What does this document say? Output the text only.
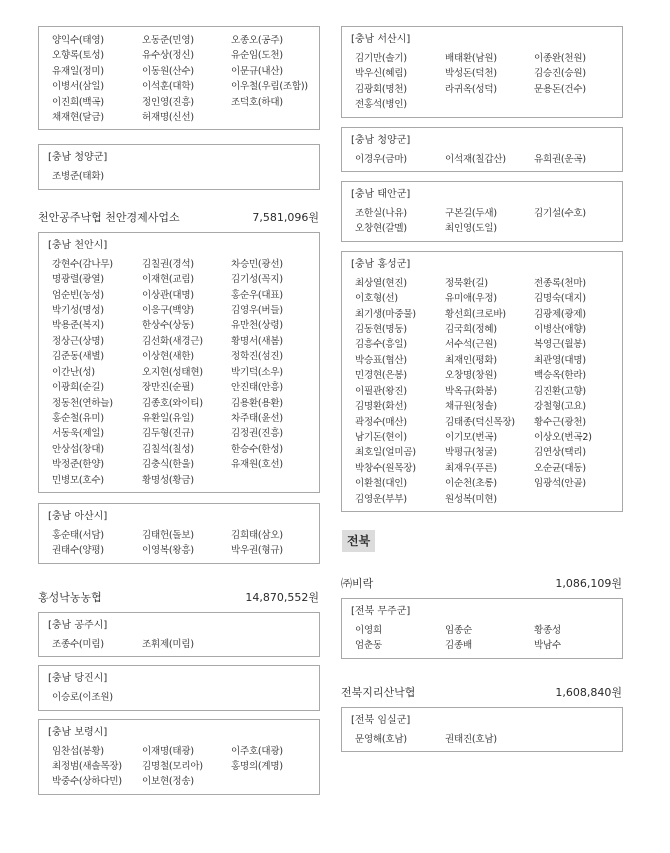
양익수(태영)	오동준(민영)	오종오(공주)
오향록(토성)	유수상(정신)	유순임(도천)
유재일(정미)	이동원(산수)	이문규(내산)
이병서(삼일)	이석훈(대학)	이우철(우림(조합))
이진희(백곡)	정인영(진흥)	조덕호(하대)
채재현(달금)	허재명(신선)
[충남 청양군]
조병준(태화)
천안공주낙협 천안경제사업소	7,581,096원
[충남 천안시]
강현수(감나무)	김칠권(경석)	차승민(광선)
명광렬(광열)	이재현(교림)	김기성(꼭지)
엄순빈(농성)	이상관(대명)	홍순우(대표)
박기성(명성)	이응구(백양)	김영우(버들)
박용준(복지)	한상수(상동)	유만천(상령)
정상근(상명)	김선화(새경근)	황명서(새봄)
김준동(새별)	이상현(새한)	정학진(섬진)
이간난(성)	오지현(성태현)	박기덕(소우)
이광희(순길)	장만진(순필)	안진태(안흥)
정동천(연하늘)	김종호(와이티)	김용환(용환)
홍순철(유미)	유환일(유일)	차주태(윤선)
서동욱(제일)	김두형(진규)	김정권(진흥)
안상섭(창대)	김칠석(칠성)	한승수(한성)
박정준(한양)	김충식(한울)	유재원(호선)
민병모(호수)	황명성(황금)
[충남 아산시]
홍순태(서담)	김태헌(돌보)	김희태(삼오)
권태수(양평)	이영복(왕흥)	박우권(형규)
홍성낙농농협	14,870,552원
[충남 공주시]
조종수(미림)	조휘제(미림)
[충남 당진시]
이승로(이조원)
[충남 보령시]
임찬섭(봉황)	이재명(태광)	이주호(대광)
최정범(새솔목장)	김명철(모리아)	홍명의(계명)
박중수(상하다민)	이보현(정송)
[충남 서산시]
김기만(솔기)	배태환(남원)	이종완(천원)
박우신(혜림)	박성돈(덕천)	김승진(승원)
김광회(명천)	라귀옥(성덕)	문용돈(건수)
전홍석(병인)
[충남 청양군]
이경우(금마)	이석재(칠갑산)	유희권(운곡)
[충남 태안군]
조한실(나유)	구본길(두새)	김기설(수호)
오창현(갈멜)	최인영(도일)
[충남 홍성군]
최상열(현진)	정묵환(길)	전종록(천마)
이호형(선)	유미애(우정)	김명숙(대지)
최기생(마중물)	황선희(크로바)	김광제(광제)
김동현(명동)	김국희(정혜)	이병산(애향)
김흥수(흥일)	서수석(근원)	복영근(월봉)
박승표(협산)	최재인(평화)	최관영(대명)
민경현(은봉)	오창명(창원)	백승옥(한라)
이필관(왕진)	박옥규(화봉)	김진환(고향)
김명환(화선)	채규원(청솔)	강철형(고요)
곽정수(매산)	김태종(덕신목장)	황수근(광천)
남기돈(현이)	이기모(번곡)	이상오(번곡2)
최호일(얼미곰)	박평규(청굴)	김연상(택리)
박창수(원목장)	최재우(푸른)	오순균(대동)
이환철(대인)	이순천(초롱)	임광석(안골)
김영운(부부)	원성복(미현)
전북
㈜비락	1,086,109원
[전북 무주군]
이영희	임종순	황종성
엄춘동	김종배	박남수
전북지리산낙협	1,608,840원
[전북 임실군]
문영해(호남)	권태진(호남)
